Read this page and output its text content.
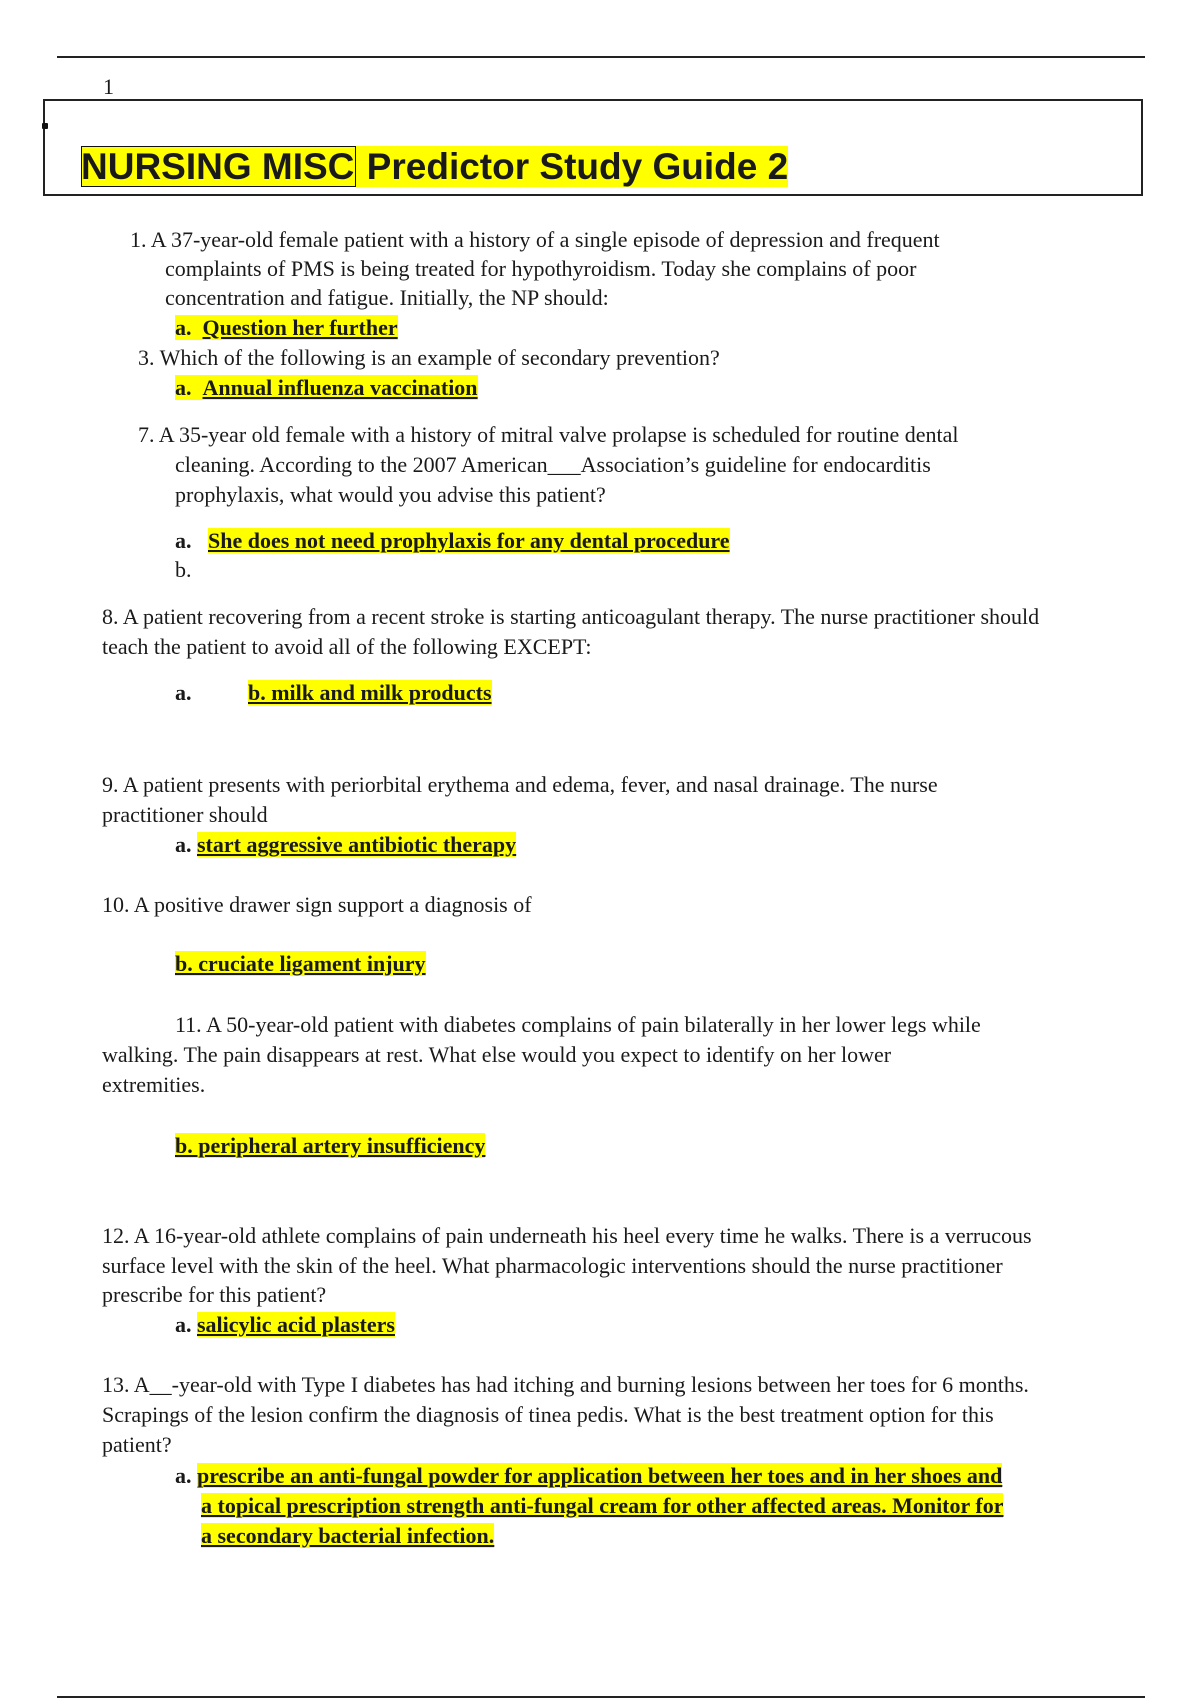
1
NURSING MISC Predictor Study Guide 2
1. A 37-year-old female patient with a history of a single episode of depression and frequent
complaints of PMS is being treated for hypothyroidism. Today she complains of poor
concentration and fatigue. Initially, the NP should:
a. Question her further
3. Which of the following is an example of secondary prevention?
a. Annual influenza vaccination
7. A 35-year old female with a history of mitral valve prolapse is scheduled for routine dental
cleaning. According to the 2007 American___Association’s guideline for endocarditis
prophylaxis, what would you advise this patient?
a. She does not need prophylaxis for any dental procedure
b.
8. A patient recovering from a recent stroke is starting anticoagulant therapy. The nurse practitioner should
teach the patient to avoid all of the following EXCEPT:
a.	b. milk and milk products
9. A patient presents with periorbital erythema and edema, fever, and nasal drainage. The nurse
practitioner should
a. start aggressive antibiotic therapy
10. A positive drawer sign support a diagnosis of
b. cruciate ligament injury
11. A 50-year-old patient with diabetes complains of pain bilaterally in her lower legs while
walking. The pain disappears at rest. What else would you expect to identify on her lower
extremities.
b. peripheral artery insufficiency
12. A 16-year-old athlete complains of pain underneath his heel every time he walks. There is a verrucous
surface level with the skin of the heel. What pharmacologic interventions should the nurse practitioner
prescribe for this patient?
a. salicylic acid plasters
13. A__-year-old with Type I diabetes has had itching and burning lesions between her toes for 6 months.
Scrapings of the lesion confirm the diagnosis of tinea pedis. What is the best treatment option for this
patient?
a. prescribe an anti-fungal powder for application between her toes and in her shoes and
a topical prescription strength anti-fungal cream for other affected areas. Monitor for
a secondary bacterial infection.
